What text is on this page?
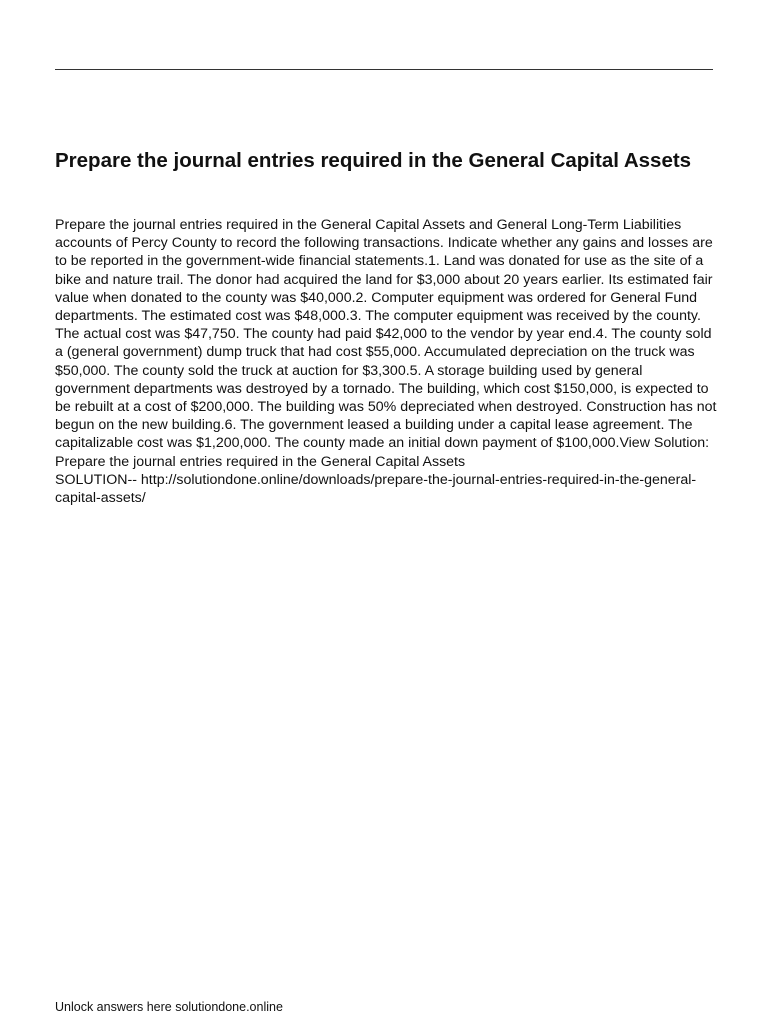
Prepare the journal entries required in the General Capital Assets
Prepare the journal entries required in the General Capital Assets and General Long-Term Liabilities accounts of Percy County to record the following transactions. Indicate whether any gains and losses are to be reported in the government-wide financial statements.1. Land was donated for use as the site of a bike and nature trail. The donor had acquired the land for $3,000 about 20 years earlier. Its estimated fair value when donated to the county was $40,000.2. Computer equipment was ordered for General Fund departments. The estimated cost was $48,000.3. The computer equipment was received by the county. The actual cost was $47,750. The county had paid $42,000 to the vendor by year end.4. The county sold a (general government) dump truck that had cost $55,000. Accumulated depreciation on the truck was $50,000. The county sold the truck at auction for $3,300.5. A storage building used by general government departments was destroyed by a tornado. The building, which cost $150,000, is expected to be rebuilt at a cost of $200,000. The building was 50% depreciated when destroyed. Construction has not begun on the new building.6. The government leased a building under a capital lease agreement. The capitalizable cost was $1,200,000. The county made an initial down payment of $100,000.View Solution: Prepare the journal entries required in the General Capital Assets
SOLUTION-- http://solutiondone.online/downloads/prepare-the-journal-entries-required-in-the-general-capital-assets/

Unlock answers here solutiondone.online
